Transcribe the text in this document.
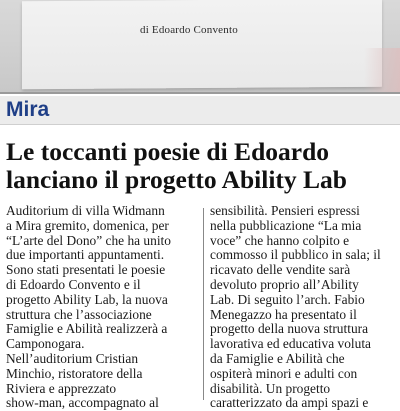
di Edoardo Convento
Mira
Le toccanti poesie di Edoardo
lanciano il progetto Ability Lab
Auditorium di villa Widmann
a Mira gremito, domenica, per
“L’arte del Dono” che ha unito
due importanti appuntamenti.
Sono stati presentati le poesie
di Edoardo Convento e il
progetto Ability Lab, la nuova
struttura che l’associazione
Famiglie e Abilità realizzerà a
Camponogara.
Nell’auditorium Cristian
Minchio, ristoratore della
Riviera e apprezzato
show-man, accompagnato al
sensibilità. Pensieri espressi
nella pubblicazione “La mia
voce” che hanno colpito e
commosso il pubblico in sala; il
ricavato delle vendite sarà
devoluto proprio all’Ability
Lab. Di seguito l’arch. Fabio
Menegazzo ha presentato il
progetto della nuova struttura
lavorativa ed educativa voluta
da Famiglie e Abilità che
ospiterà minori e adulti con
disabilità. Un progetto
caratterizzato da ampi spazi e
